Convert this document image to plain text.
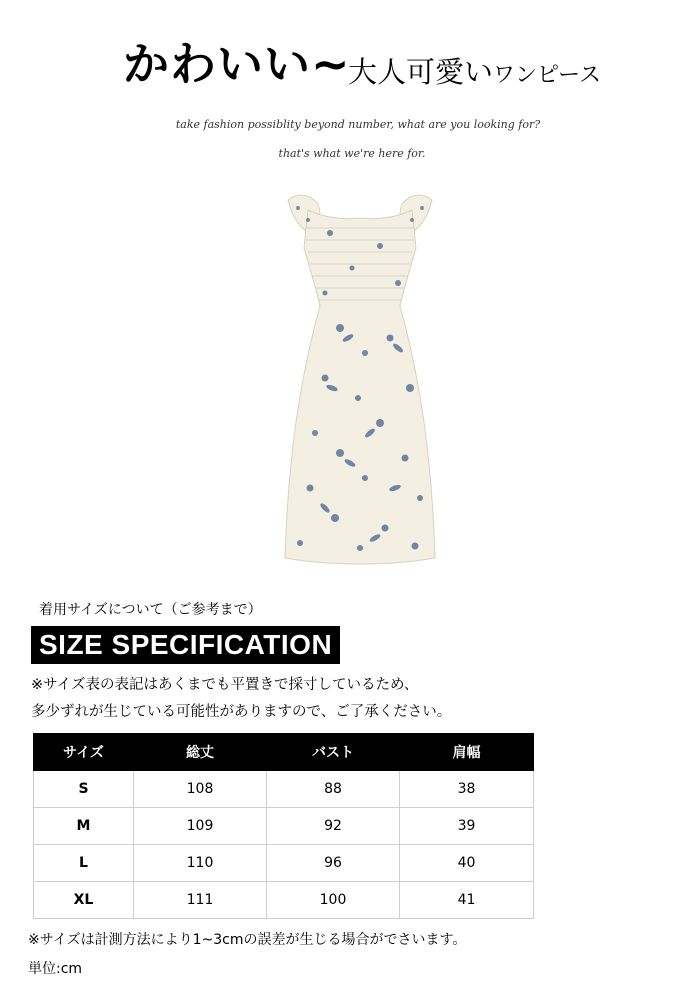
かわいい~
大人可愛いワンピース
take fashion possiblity beyond number, what are you looking for?
that's what we're here for.
着用サイズについて（ご参考まで）
SIZE SPECIFICATION
※サイズ表の表記はあくまでも平置きで採寸しているため、
多少ずれが生じている可能性がありますので、ご了承ください。
サイズ	総丈	バスト	肩幅
S	108	88	38
M	109	92	39
L	110	96	40
XL	111	100	41
※サイズは計測方法により1~3cmの誤差が生じる場合がでさいます。
単位:cm
